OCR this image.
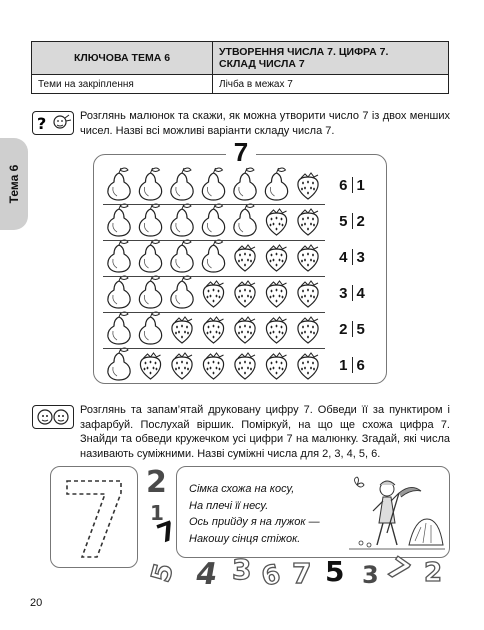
КЛЮЧОВА ТЕМА 6	УТВОРЕННЯ ЧИСЛА 7. ЦИФРА 7.
СКЛАД ЧИСЛА 7

Теми на закріплення	Лічба в межах 7
Тема 6
?	Розглянь малюнок та скажи, як можна утворити число 7 із двох менших чисел. Назві всі можливі варіанти складу числа 7.
7
6 1
5 2
4 3
3 4
2 5
1 6
Розглянь та запам’ятай друковану цифру 7. Обведи її за пунктиром і зафарбуй. Послухай віршик. Поміркуй, на що ще схожа цифра 7. Знайди та обведи кружечком усі цифри 7 на малюнку. Згадай, які числа називають суміжними. Назві суміжні числа для 2, 3, 4, 5, 6.
Сімка схожа на косу,
На плечі її несу.
Ось прийду я на лужок —
Накошу сінця стіжок.
2
1
7
5 4 3 6 7 5 3 7 2
20
